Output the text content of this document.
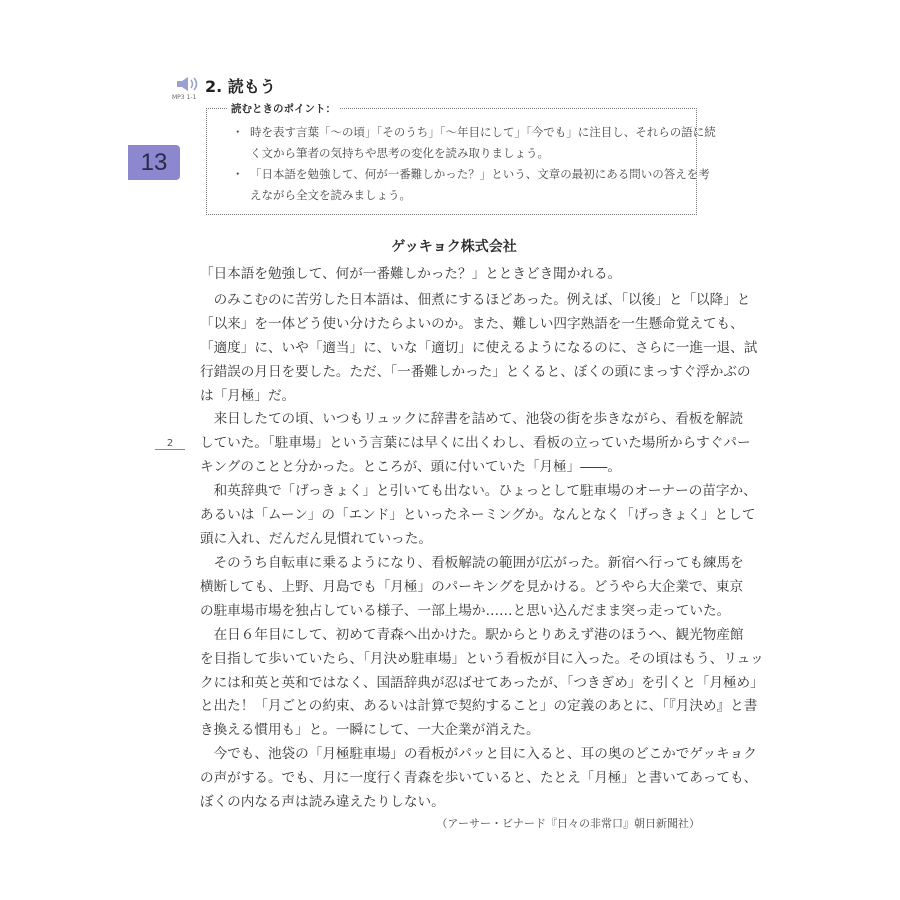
2. 読もう
MP3 1-1
13
読むときのポイント：
・ 時を表す言葉「～の頃」「そのうち」「～年目にして」「今でも」に注目し、それらの語に続
く文から筆者の気持ちや思考の変化を読み取りましょう。
・ 「日本語を勉強して、何が一番難しかった？」という、文章の最初にある問いの答えを考
えながら全文を読みましょう。
2
ゲッキョク株式会社
「日本語を勉強して、何が一番難しかった？」とときどき聞かれる。
　のみこむのに苦労した日本語は、佃煮にするほどあった。例えば、「以後」と「以降」と
「以来」を一体どう使い分けたらよいのか。また、難しい四字熟語を一生懸命覚えても、
「適度」に、いや「適当」に、いな「適切」に使えるようになるのに、さらに一進一退、試
行錯誤の月日を要した。ただ、「一番難しかった」とくると、ぼくの頭にまっすぐ浮かぶの
は「月極」だ。
　来日したての頃、いつもリュックに辞書を詰めて、池袋の街を歩きながら、看板を解読
していた。「駐車場」という言葉には早くに出くわし、看板の立っていた場所からすぐパー
キングのことと分かった。ところが、頭に付いていた「月極」――。
　和英辞典で「げっきょく」と引いても出ない。ひょっとして駐車場のオーナーの苗字か、
あるいは「ムーン」の「エンド」といったネーミングか。なんとなく「げっきょく」として
頭に入れ、だんだん見慣れていった。
　そのうち自転車に乗るようになり、看板解読の範囲が広がった。新宿へ行っても練馬を
横断しても、上野、月島でも「月極」のパーキングを見かける。どうやら大企業で、東京
の駐車場市場を独占している様子、一部上場か……と思い込んだまま突っ走っていた。
　在日６年目にして、初めて青森へ出かけた。駅からとりあえず港のほうへ、観光物産館
を目指して歩いていたら、「月決め駐車場」という看板が目に入った。その頃はもう、リュッ
クには和英と英和ではなく、国語辞典が忍ばせてあったが、「つきぎめ」を引くと「月極め」
と出た！「月ごとの約束、あるいは計算で契約すること」の定義のあとに、「『月決め』と書
き換える慣用も」と。一瞬にして、一大企業が消えた。
　今でも、池袋の「月極駐車場」の看板がパッと目に入ると、耳の奥のどこかでゲッキョク
の声がする。でも、月に一度行く青森を歩いていると、たとえ「月極」と書いてあっても、
ぼくの内なる声は読み違えたりしない。
（アーサー・ビナード『日々の非常口』朝日新聞社）
